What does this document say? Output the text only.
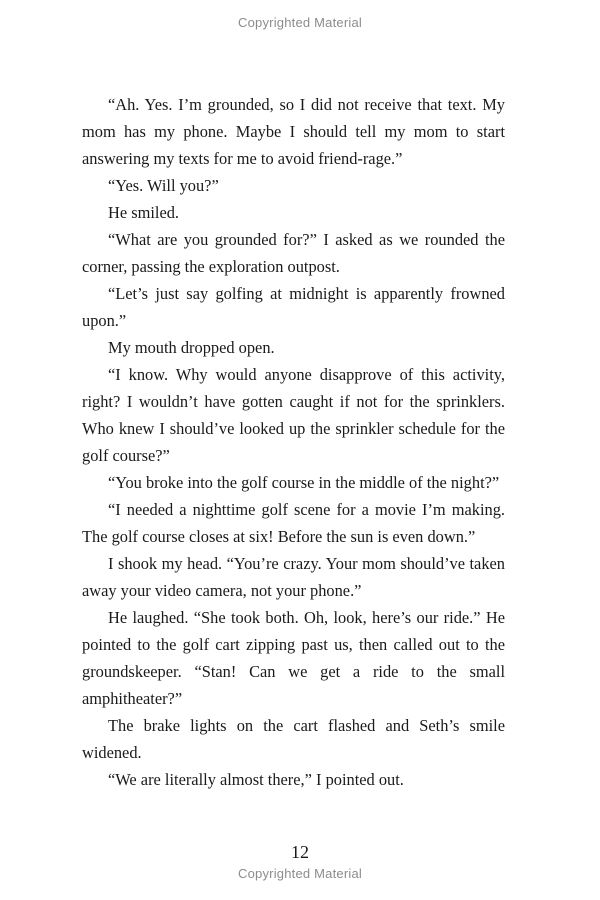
Copyrighted Material

“Ah. Yes. I’m grounded, so I did not receive that text. My mom has my phone. Maybe I should tell my mom to start answering my texts for me to avoid friend-rage.”

“Yes. Will you?”

He smiled.

“What are you grounded for?” I asked as we rounded the corner, passing the exploration outpost.

“Let’s just say golfing at midnight is apparently frowned upon.”

My mouth dropped open.

“I know. Why would anyone disapprove of this activity, right? I wouldn’t have gotten caught if not for the sprinklers. Who knew I should’ve looked up the sprinkler schedule for the golf course?”

“You broke into the golf course in the middle of the night?”

“I needed a nighttime golf scene for a movie I’m making. The golf course closes at six! Before the sun is even down.”

I shook my head. “You’re crazy. Your mom should’ve taken away your video camera, not your phone.”

He laughed. “She took both. Oh, look, here’s our ride.” He pointed to the golf cart zipping past us, then called out to the groundskeeper. “Stan! Can we get a ride to the small amphitheater?”

The brake lights on the cart flashed and Seth’s smile widened.

“We are literally almost there,” I pointed out.

12
Copyrighted Material
